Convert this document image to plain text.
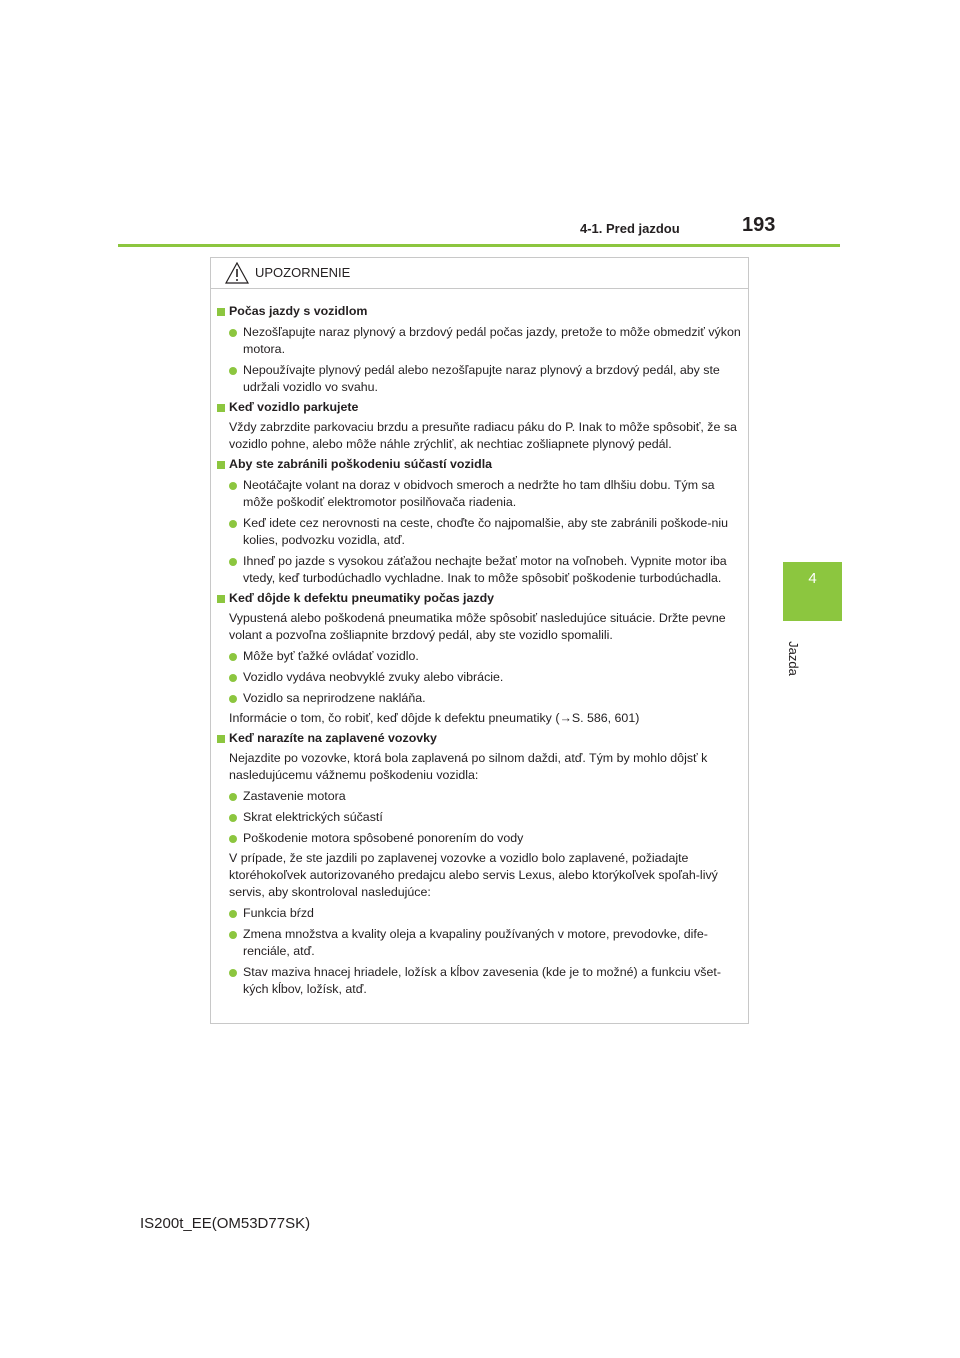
4-1. Pred jazdou	193
4
Jazda
UPOZORNENIE
Počas jazdy s vozidlom
Nezošľapujte naraz plynový a brzdový pedál počas jazdy, pretože to môže obmedziť výkon motora.
Nepoužívajte plynový pedál alebo nezošľapujte naraz plynový a brzdový pedál, aby ste udržali vozidlo vo svahu.
Keď vozidlo parkujete
Vždy zabrzdite parkovaciu brzdu a presuňte radiacu páku do P. Inak to môže spôsobiť, že sa vozidlo pohne, alebo môže náhle zrýchliť, ak nechtiac zošliapnete plynový pedál.
Aby ste zabránili poškodeniu súčastí vozidla
Neotáčajte volant na doraz v obidvoch smeroch a nedržte ho tam dlhšiu dobu. Tým sa môže poškodiť elektromotor posilňovača riadenia.
Keď idete cez nerovnosti na ceste, choďte čo najpomalšie, aby ste zabránili poškode-niu kolies, podvozku vozidla, atď.
Ihneď po jazde s vysokou záťažou nechajte bežať motor na voľnobeh. Vypnite motor iba vtedy, keď turbodúchadlo vychladne. Inak to môže spôsobiť poškodenie turbodúchadla.
Keď dôjde k defektu pneumatiky počas jazdy
Vypustená alebo poškodená pneumatika môže spôsobiť nasledujúce situácie. Držte pevne volant a pozvoľna zošliapnite brzdový pedál, aby ste vozidlo spomalili.
Môže byť ťažké ovládať vozidlo.
Vozidlo vydáva neobvyklé zvuky alebo vibrácie.
Vozidlo sa neprirodzene nakláňa.
Informácie o tom, čo robiť, keď dôjde k defektu pneumatiky (→S. 586, 601)
Keď narazíte na zaplavené vozovky
Nejazdite po vozovke, ktorá bola zaplavená po silnom daždi, atď. Tým by mohlo dôjsť k nasledujúcemu vážnemu poškodeniu vozidla:
Zastavenie motora
Skrat elektrických súčastí
Poškodenie motora spôsobené ponorením do vody
V prípade, že ste jazdili po zaplavenej vozovke a vozidlo bolo zaplavené, požiadajte ktoréhokoľvek autorizovaného predajcu alebo servis Lexus, alebo ktorýkoľvek spoľah-livý servis, aby skontroloval nasledujúce:
Funkcia bŕzd
Zmena množstva a kvality oleja a kvapaliny používaných v motore, prevodovke, dife-renciále, atď.
Stav maziva hnacej hriadele, ložísk a kĺbov zavesenia (kde je to možné) a funkciu všet-kých kĺbov, ložísk, atď.
IS200t_EE(OM53D77SK)
